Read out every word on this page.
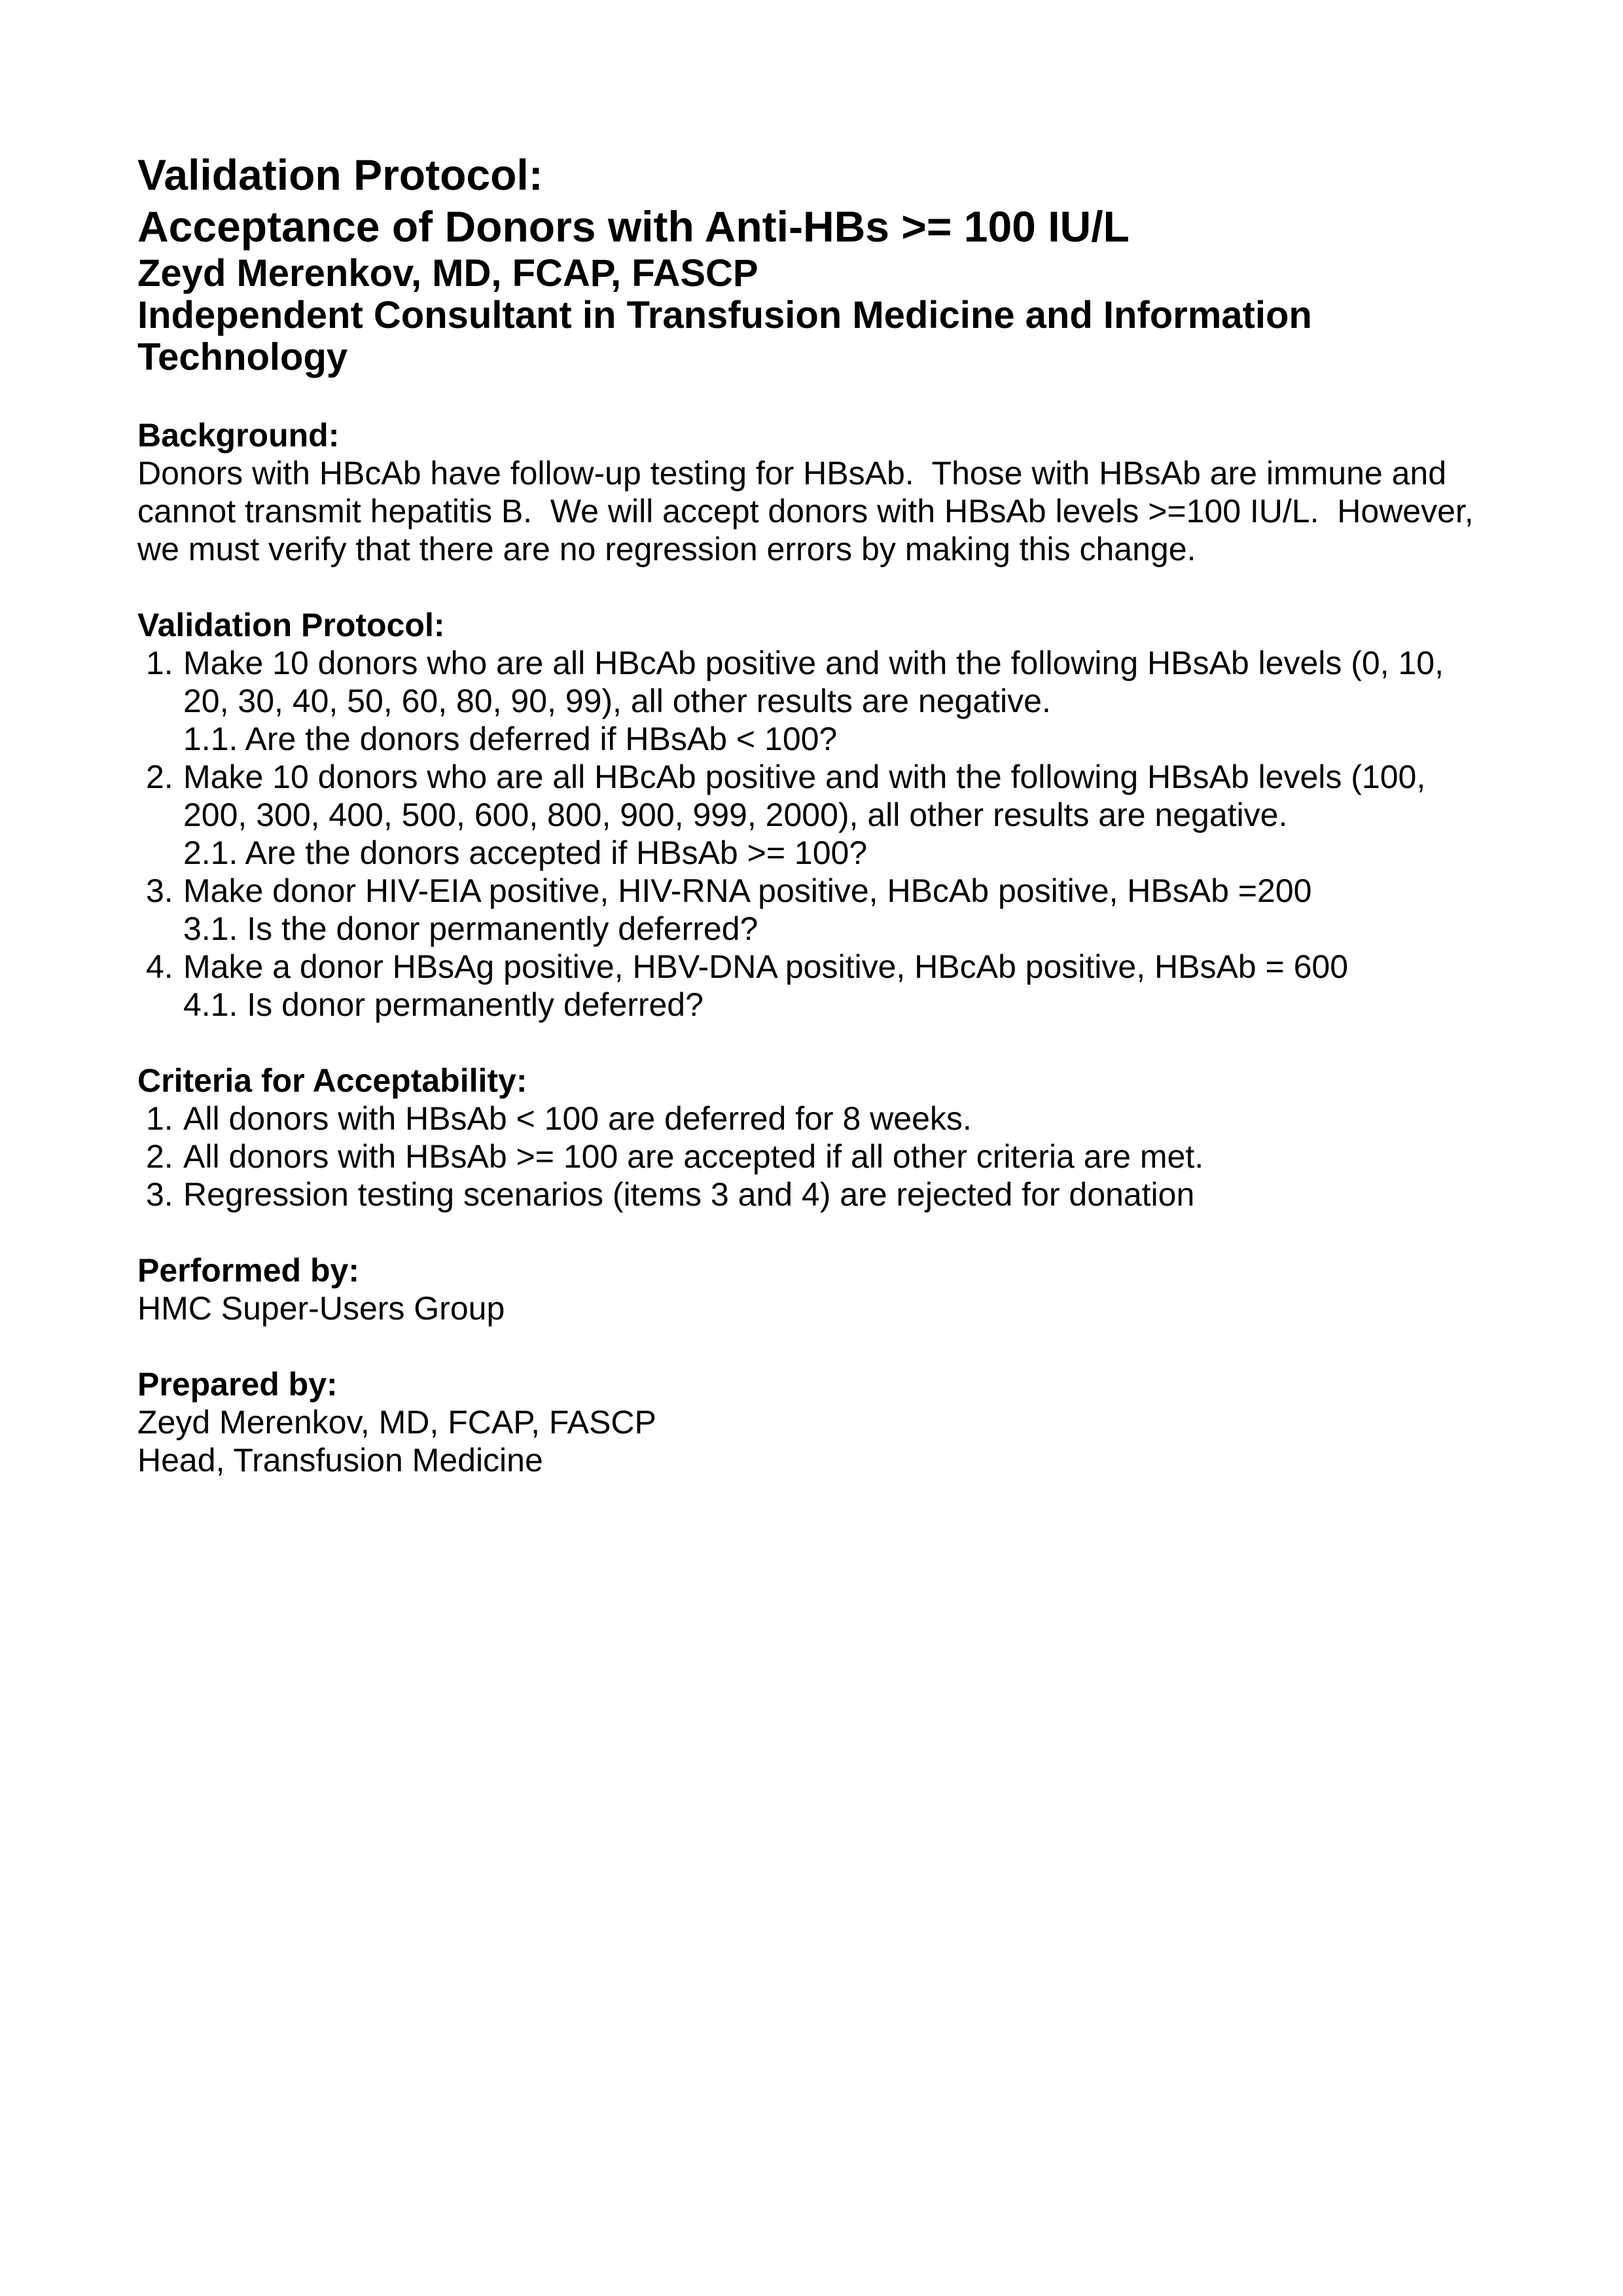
Validation Protocol:
Acceptance of Donors with Anti-HBs >= 100 IU/L
Zeyd Merenkov, MD, FCAP, FASCP
Independent Consultant in Transfusion Medicine and Information Technology
Background:
Donors with HBcAb have follow-up testing for HBsAb.  Those with HBsAb are immune and
cannot transmit hepatitis B.  We will accept donors with HBsAb levels >=100 IU/L.  However,
we must verify that there are no regression errors by making this change.
Validation Protocol:
1. Make 10 donors who are all HBcAb positive and with the following HBsAb levels (0, 10,
20, 30, 40, 50, 60, 80, 90, 99), all other results are negative.
1.1. Are the donors deferred if HBsAb < 100?
2. Make 10 donors who are all HBcAb positive and with the following HBsAb levels (100,
200, 300, 400, 500, 600, 800, 900, 999, 2000), all other results are negative.
2.1. Are the donors accepted if HBsAb >= 100?
3. Make donor HIV-EIA positive, HIV-RNA positive, HBcAb positive, HBsAb =200
3.1. Is the donor permanently deferred?
4. Make a donor HBsAg positive, HBV-DNA positive, HBcAb positive, HBsAb = 600
4.1. Is donor permanently deferred?
Criteria for Acceptability:
1. All donors with HBsAb < 100 are deferred for 8 weeks.
2. All donors with HBsAb >= 100 are accepted if all other criteria are met.
3. Regression testing scenarios (items 3 and 4) are rejected for donation
Performed by:
HMC Super-Users Group
Prepared by:
Zeyd Merenkov, MD, FCAP, FASCP
Head, Transfusion Medicine
